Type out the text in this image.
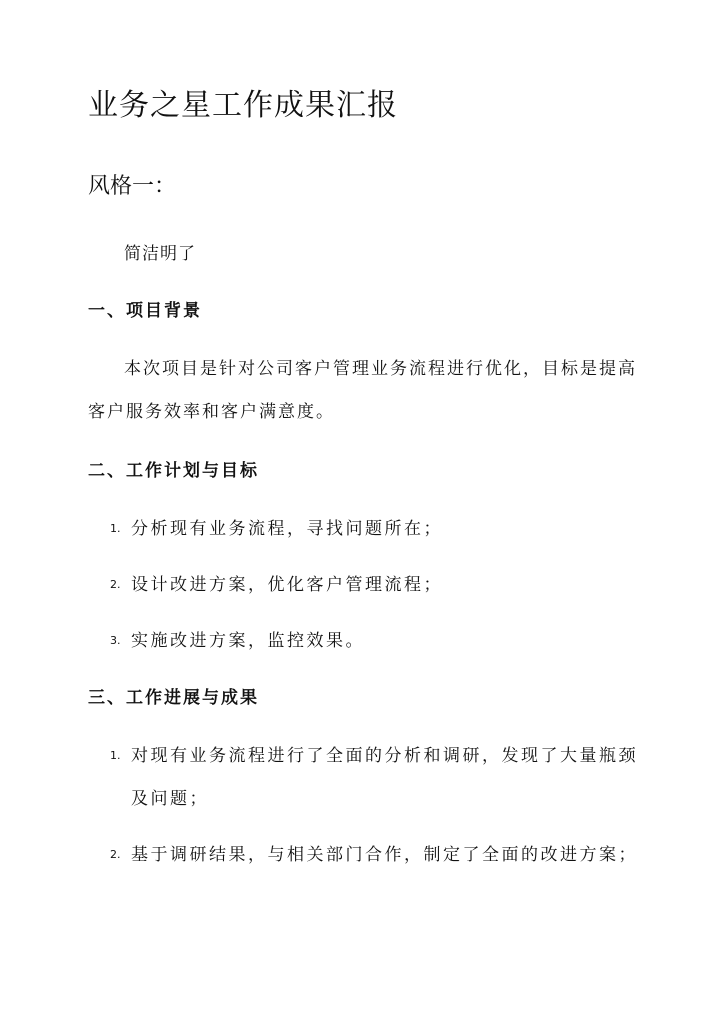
业务之星工作成果汇报
风格一：
简洁明了
一、项目背景
本次项目是针对公司客户管理业务流程进行优化，目标是提高
客户服务效率和客户满意度。
二、工作计划与目标
1. 分析现有业务流程，寻找问题所在；
2. 设计改进方案，优化客户管理流程；
3. 实施改进方案，监控效果。
三、工作进展与成果
1. 对现有业务流程进行了全面的分析和调研，发现了大量瓶颈
及问题；
2. 基于调研结果，与相关部门合作，制定了全面的改进方案；
